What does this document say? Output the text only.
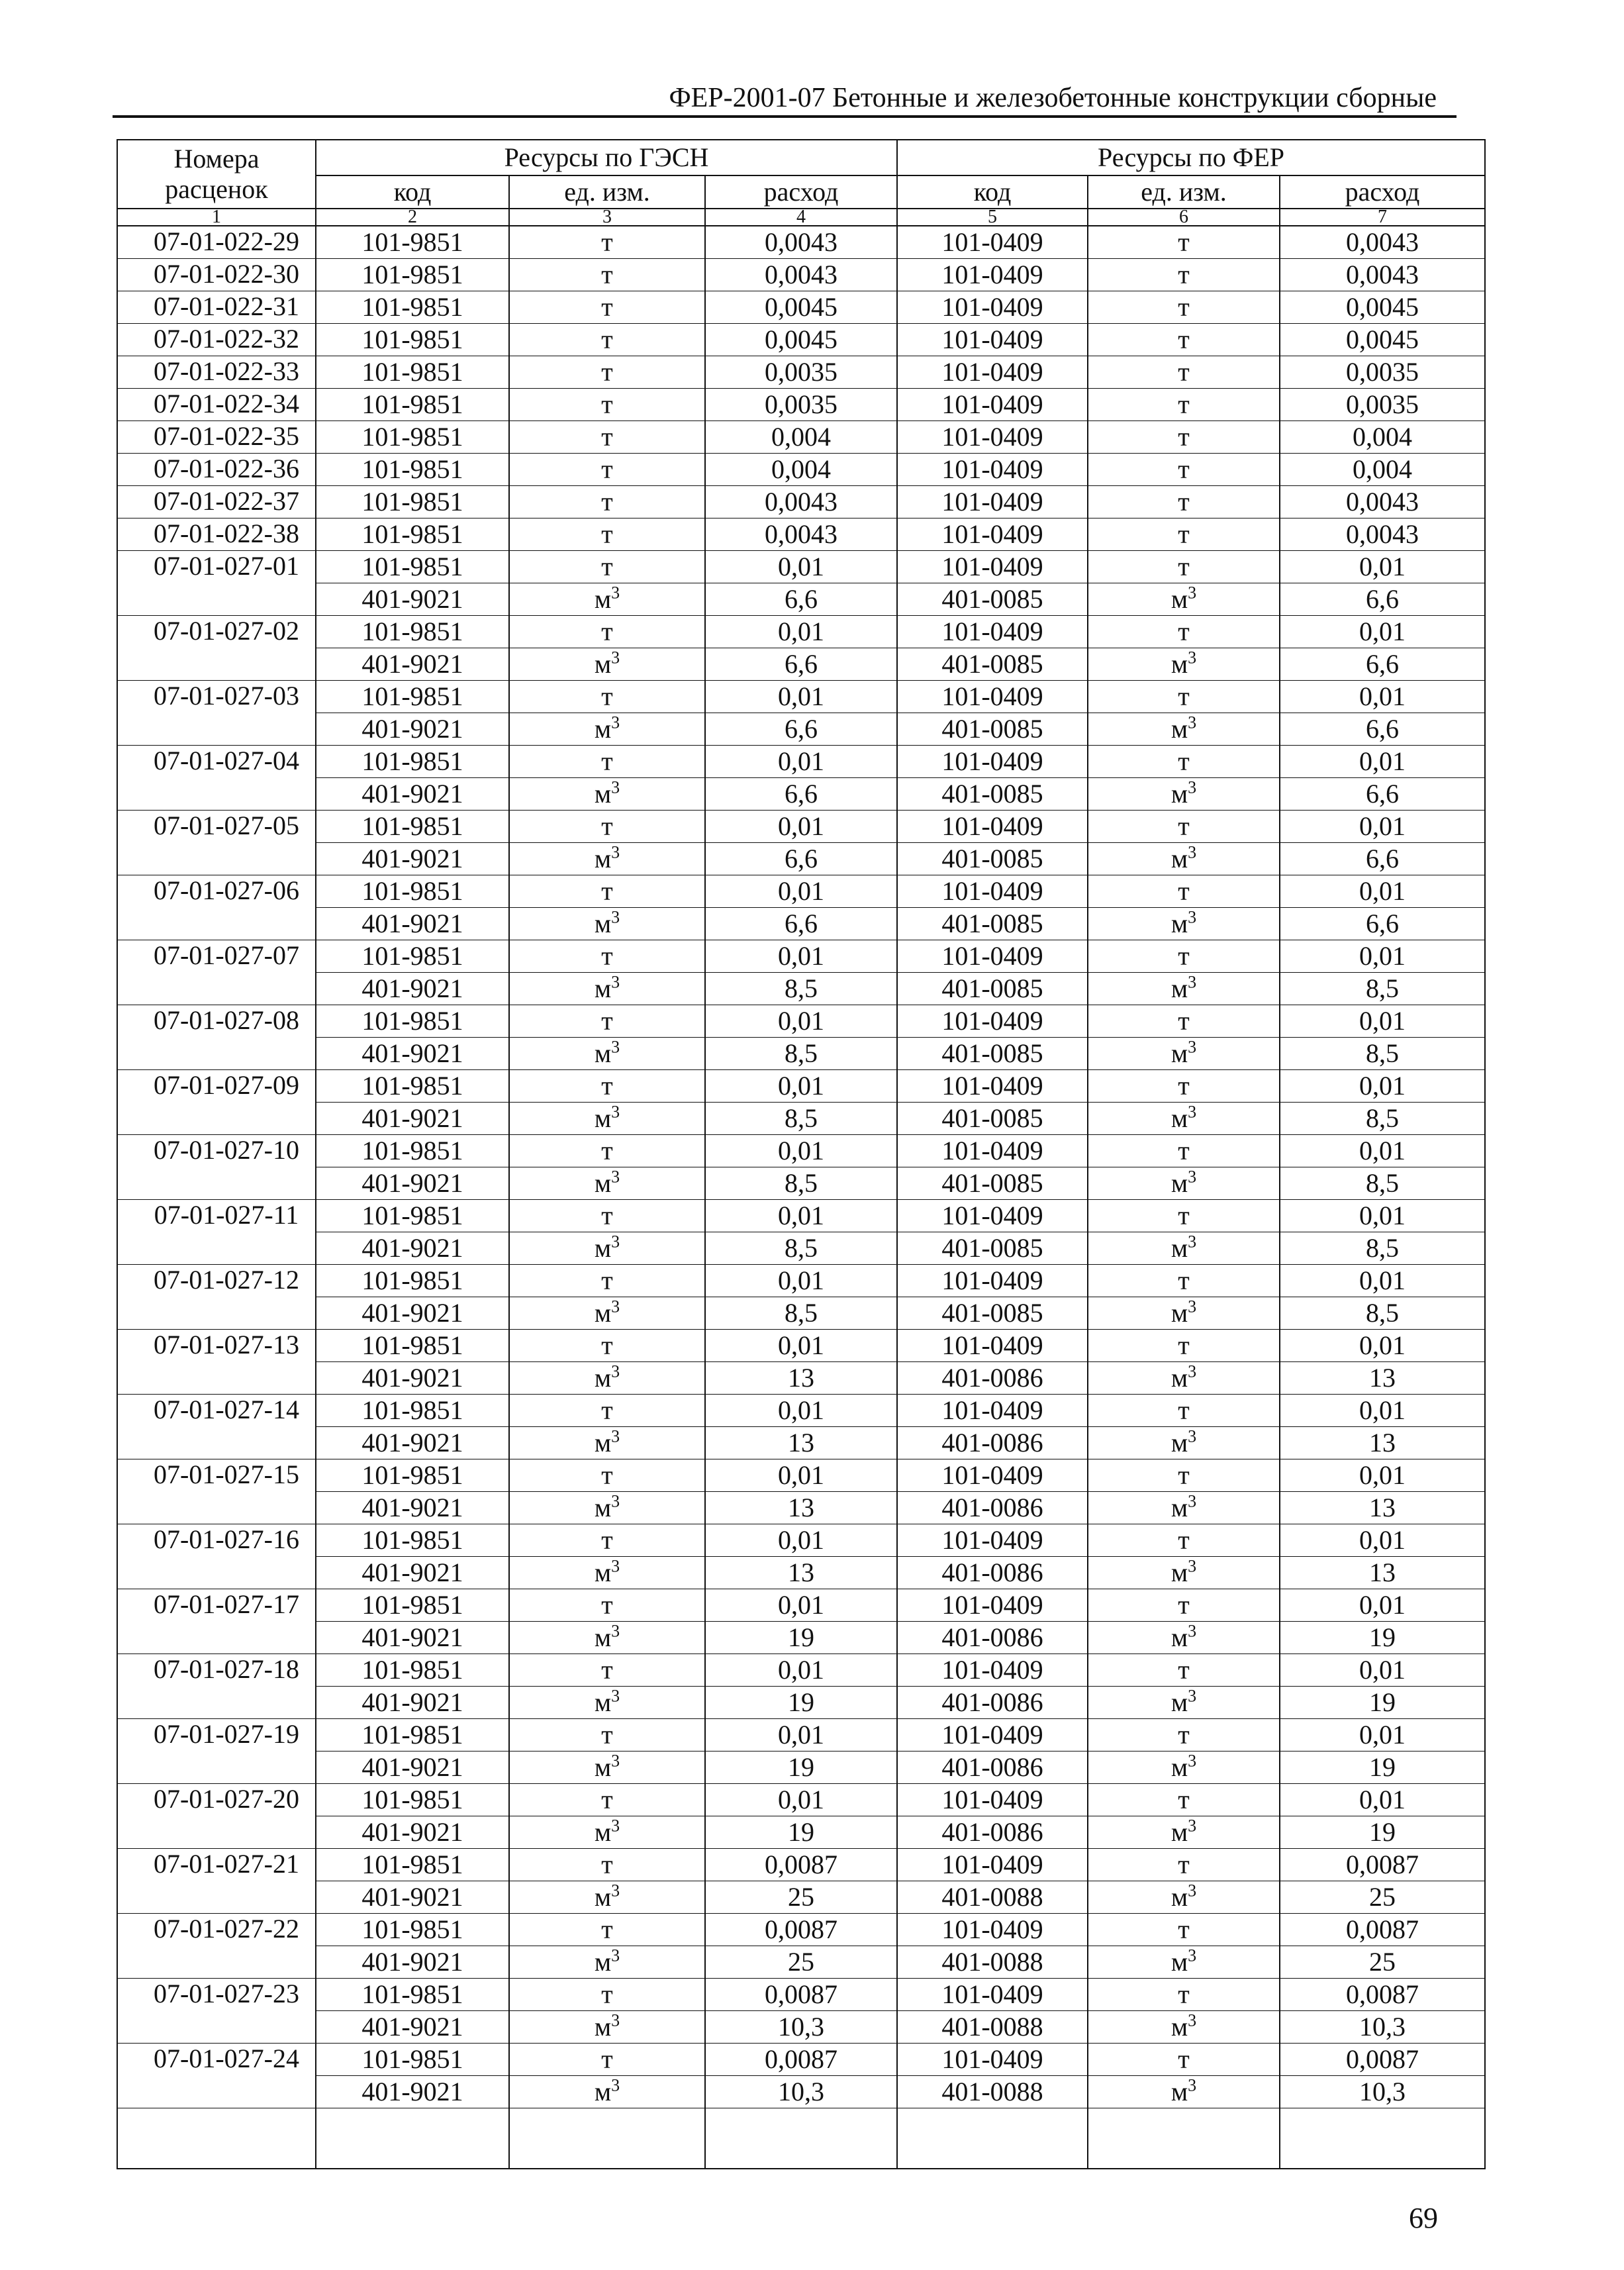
ФЕР-2001-07 Бетонные и железобетонные конструкции сборные
Номера
расценок	Ресурсы по ГЭСН			Ресурсы по ФЕР		
	код	ед. изм.	расход	код	ед. изм.	расход
1	2	3	4	5	6	7
07-01-022-29	101-9851	т	0,0043	101-0409	т	0,0043
07-01-022-30	101-9851	т	0,0043	101-0409	т	0,0043
07-01-022-31	101-9851	т	0,0045	101-0409	т	0,0045
07-01-022-32	101-9851	т	0,0045	101-0409	т	0,0045
07-01-022-33	101-9851	т	0,0035	101-0409	т	0,0035
07-01-022-34	101-9851	т	0,0035	101-0409	т	0,0035
07-01-022-35	101-9851	т	0,004	101-0409	т	0,004
07-01-022-36	101-9851	т	0,004	101-0409	т	0,004
07-01-022-37	101-9851	т	0,0043	101-0409	т	0,0043
07-01-022-38	101-9851	т	0,0043	101-0409	т	0,0043
07-01-027-01	101-9851	т	0,01	101-0409	т	0,01
	401-9021	$м^3$	6,6	401-0085	$м^3$	6,6
07-01-027-02	101-9851	т	0,01	101-0409	т	0,01
	401-9021	$м^3$	6,6	401-0085	$м^3$	6,6
07-01-027-03	101-9851	т	0,01	101-0409	т	0,01
	401-9021	$м^3$	6,6	401-0085	$м^3$	6,6
07-01-027-04	101-9851	т	0,01	101-0409	т	0,01
	401-9021	$м^3$	6,6	401-0085	$м^3$	6,6
07-01-027-05	101-9851	т	0,01	101-0409	т	0,01
	401-9021	$м^3$	6,6	401-0085	$м^3$	6,6
07-01-027-06	101-9851	т	0,01	101-0409	т	0,01
	401-9021	$м^3$	6,6	401-0085	$м^3$	6,6
07-01-027-07	101-9851	т	0,01	101-0409	т	0,01
	401-9021	$м^3$	8,5	401-0085	$м^3$	8,5
07-01-027-08	101-9851	т	0,01	101-0409	т	0,01
	401-9021	$м^3$	8,5	401-0085	$м^3$	8,5
07-01-027-09	101-9851	т	0,01	101-0409	т	0,01
	401-9021	$м^3$	8,5	401-0085	$м^3$	8,5
07-01-027-10	101-9851	т	0,01	101-0409	т	0,01
	401-9021	$м^3$	8,5	401-0085	$м^3$	8,5
07-01-027-11	101-9851	т	0,01	101-0409	т	0,01
	401-9021	$м^3$	8,5	401-0085	$м^3$	8,5
07-01-027-12	101-9851	т	0,01	101-0409	т	0,01
	401-9021	$м^3$	8,5	401-0085	$м^3$	8,5
07-01-027-13	101-9851	т	0,01	101-0409	т	0,01
	401-9021	$м^3$	13	401-0086	$м^3$	13
07-01-027-14	101-9851	т	0,01	101-0409	т	0,01
	401-9021	$м^3$	13	401-0086	$м^3$	13
07-01-027-15	101-9851	т	0,01	101-0409	т	0,01
	401-9021	$м^3$	13	401-0086	$м^3$	13
07-01-027-16	101-9851	т	0,01	101-0409	т	0,01
	401-9021	$м^3$	13	401-0086	$м^3$	13
07-01-027-17	101-9851	т	0,01	101-0409	т	0,01
	401-9021	$м^3$	19	401-0086	$м^3$	19
07-01-027-18	101-9851	т	0,01	101-0409	т	0,01
	401-9021	$м^3$	19	401-0086	$м^3$	19
07-01-027-19	101-9851	т	0,01	101-0409	т	0,01
	401-9021	$м^3$	19	401-0086	$м^3$	19
07-01-027-20	101-9851	т	0,01	101-0409	т	0,01
	401-9021	$м^3$	19	401-0086	$м^3$	19
07-01-027-21	101-9851	т	0,0087	101-0409	т	0,0087
	401-9021	$м^3$	25	401-0088	$м^3$	25
07-01-027-22	101-9851	т	0,0087	101-0409	т	0,0087
	401-9021	$м^3$	25	401-0088	$м^3$	25
07-01-027-23	101-9851	т	0,0087	101-0409	т	0,0087
	401-9021	$м^3$	10,3	401-0088	$м^3$	10,3
07-01-027-24	101-9851	т	0,0087	101-0409	т	0,0087
	401-9021	$м^3$	10,3	401-0088	$м^3$	10,3

69
